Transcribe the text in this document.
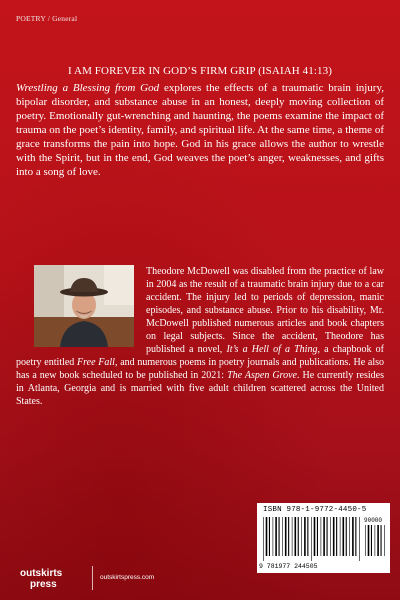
POETRY / General
I AM FOREVER IN GOD’S FIRM GRIP (ISAIAH 41:13)

Wrestling a Blessing from God explores the effects of a traumatic brain injury, bipolar disorder, and substance abuse in an honest, deeply moving collection of poetry. Emotionally gut-wrenching and haunting, the poems examine the impact of trauma on the poet’s identity, family, and spiritual life. At the same time, a theme of grace transforms the pain into hope. God in his grace allows the author to wrestle with the Spirit, but in the end, God weaves the poet’s anger, weaknesses, and gifts into a song of love.

Theodore McDowell was disabled from the practice of law in 2004 as the result of a traumatic brain injury due to a car accident. The injury led to periods of depression, manic episodes, and substance abuse. Prior to his disability, Mr. McDowell published numerous articles and book chapters on legal subjects. Since the accident, Theodore has published a novel, It’s a Hell of a Thing, a chapbook of poetry entitled Free Fall, and numerous poems in poetry journals and publications. He also has a new book scheduled to be published in 2021: The Aspen Grove. He currently resides in Atlanta, Georgia and is married with five adult children scattered across the United States.

ISBN 978-1-9772-4450-5
90000
9 781977 244505
outskirts
press
outskirtspress.com
